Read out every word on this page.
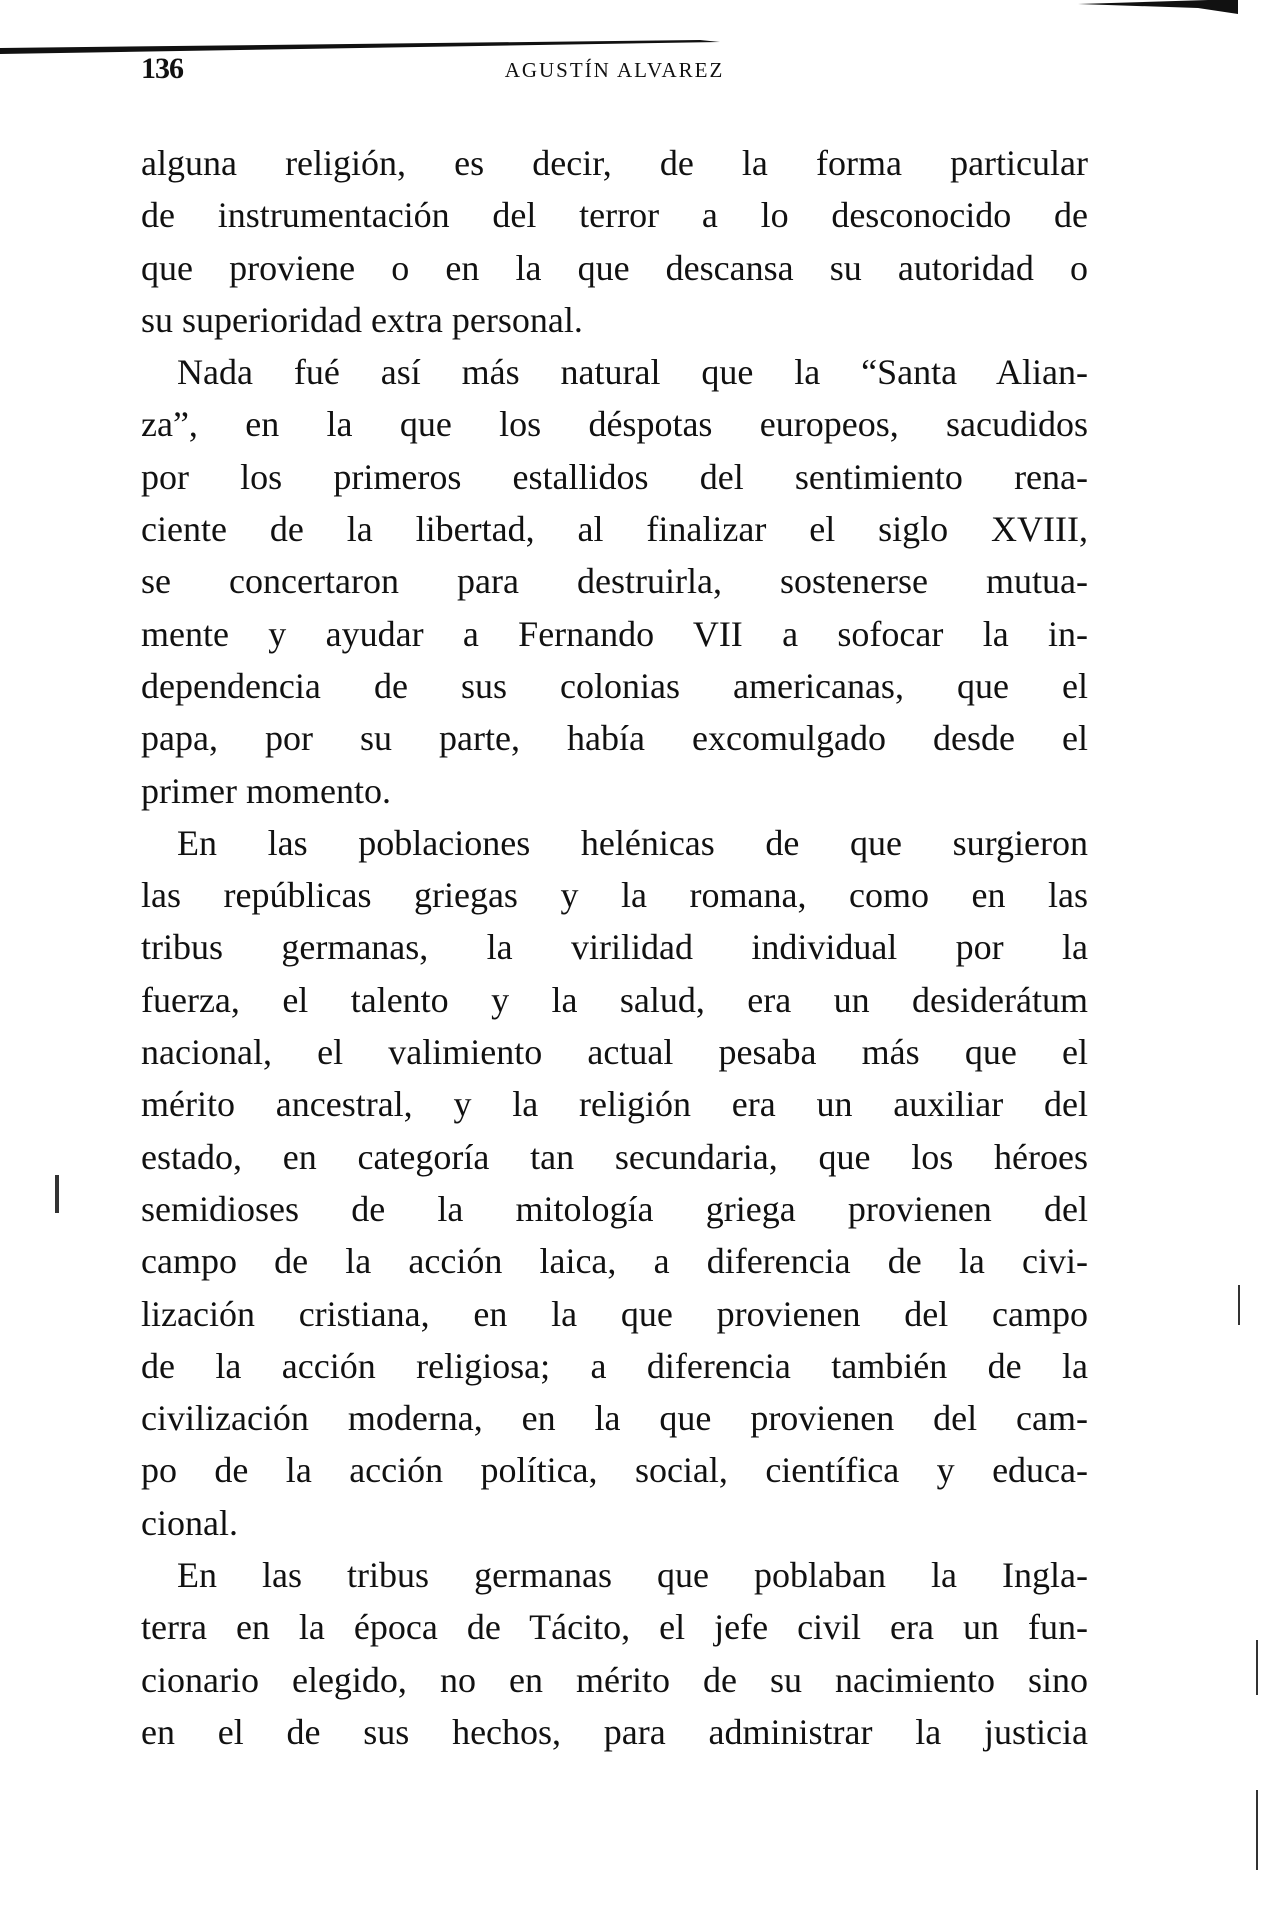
136	AGUSTÍN ALVAREZ
alguna religión, es decir, de la forma particular
de instrumentación del terror a lo desconocido de
que proviene o en la que descansa su autoridad o
su superioridad extra personal.
Nada fué así más natural que la “Santa Alian-
za”, en la que los déspotas europeos, sacudidos
por los primeros estallidos del sentimiento rena-
ciente de la libertad, al finalizar el siglo XVIII,
se concertaron para destruirla, sostenerse mutua-
mente y ayudar a Fernando VII a sofocar la in-
dependencia de sus colonias americanas, que el
papa, por su parte, había excomulgado desde el
primer momento.
En las poblaciones helénicas de que surgieron
las repúblicas griegas y la romana, como en las
tribus germanas, la virilidad individual por la
fuerza, el talento y la salud, era un desiderátum
nacional, el valimiento actual pesaba más que el
mérito ancestral, y la religión era un auxiliar del
estado, en categoría tan secundaria, que los héroes
semidioses de la mitología griega provienen del
campo de la acción laica, a diferencia de la civi-
lización cristiana, en la que provienen del campo
de la acción religiosa; a diferencia también de la
civilización moderna, en la que provienen del cam-
po de la acción política, social, científica y educa-
cional.
En las tribus germanas que poblaban la Ingla-
terra en la época de Tácito, el jefe civil era un fun-
cionario elegido, no en mérito de su nacimiento sino
en el de sus hechos, para administrar la justicia
